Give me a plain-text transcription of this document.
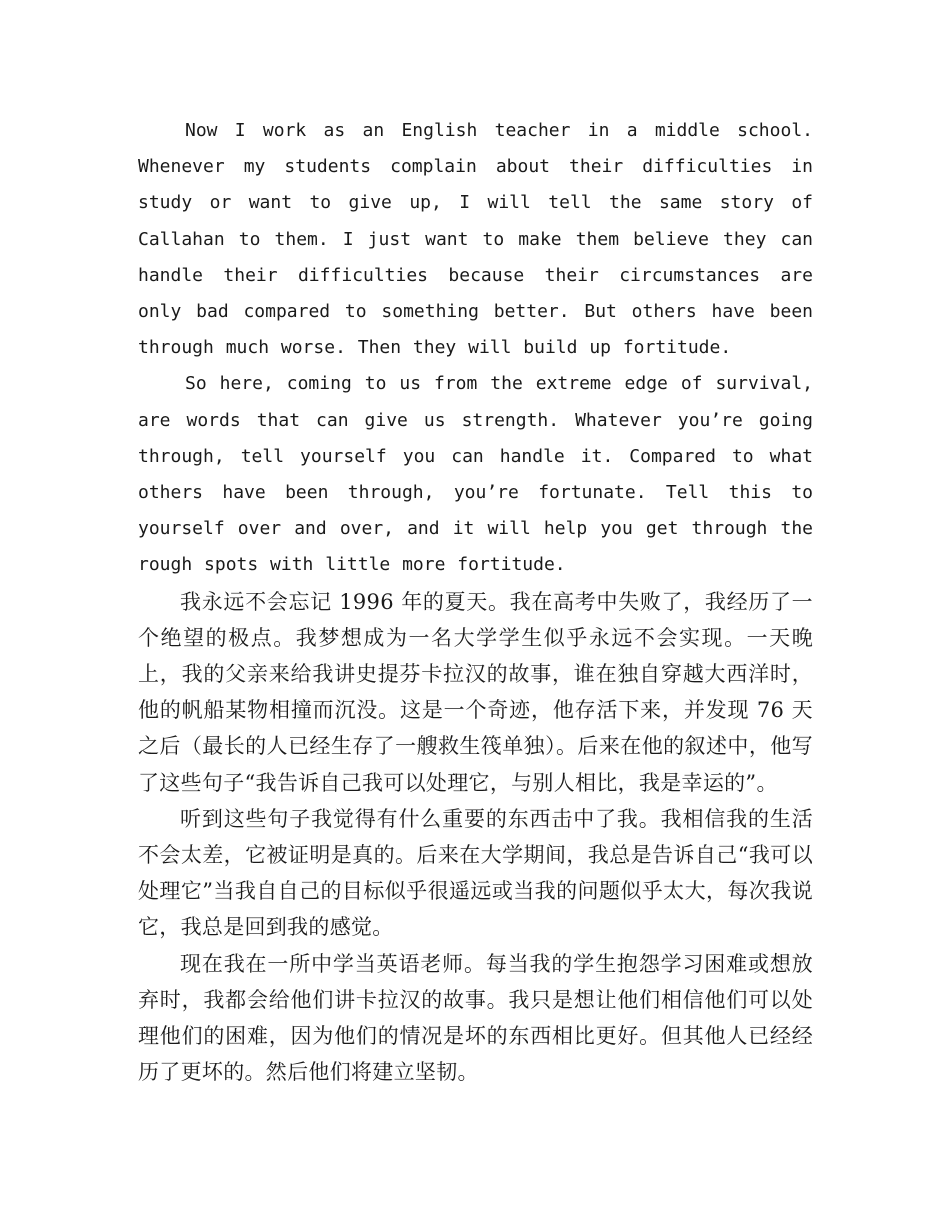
Now I work as an English teacher in a middle school. Whenever my students complain about their difficulties in study or want to give up, I will tell the same story of Callahan to them. I just want to make them believe they can handle their difficulties because their circumstances are only bad compared to something better. But others have been through much worse. Then they will build up fortitude.

So here, coming to us from the extreme edge of survival, are words that can give us strength. Whatever you’re going through, tell yourself you can handle it. Compared to what others have been through, you’re fortunate. Tell this to yourself over and over, and it will help you get through the rough spots with little more fortitude.

我永远不会忘记 1996 年的夏天。我在高考中失败了，我经历了一个绝望的极点。我梦想成为一名大学学生似乎永远不会实现。一天晚上，我的父亲来给我讲史提芬卡拉汉的故事，谁在独自穿越大西洋时，他的帆船某物相撞而沉没。这是一个奇迹，他存活下来，并发现 76 天之后（最长的人已经生存了一艘救生筏单独）。后来在他的叙述中，他写了这些句子“我告诉自己我可以处理它，与别人相比，我是幸运的”。

听到这些句子我觉得有什么重要的东西击中了我。我相信我的生活不会太差，它被证明是真的。后来在大学期间，我总是告诉自己“我可以处理它”当我自自己的目标似乎很遥远或当我的问题似乎太大，每次我说它，我总是回到我的感觉。

现在我在一所中学当英语老师。每当我的学生抱怨学习困难或想放弃时，我都会给他们讲卡拉汉的故事。我只是想让他们相信他们可以处理他们的困难，因为他们的情况是坏的东西相比更好。但其他人已经经历了更坏的。然后他们将建立坚韧。
